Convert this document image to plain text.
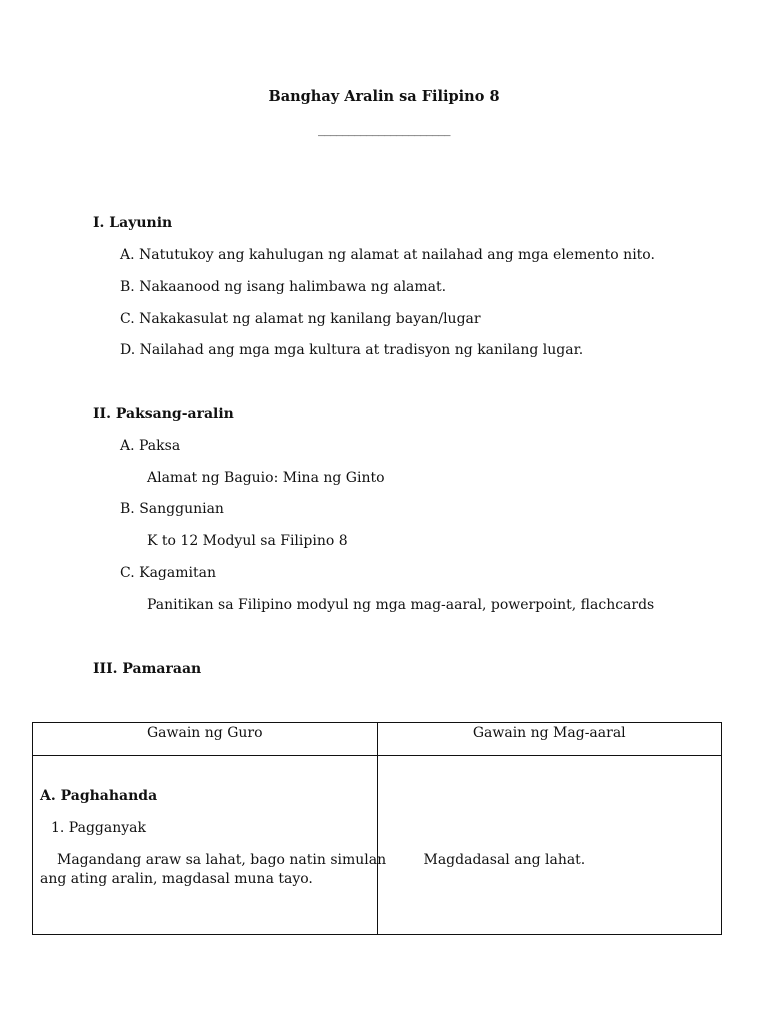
Banghay Aralin sa Filipino 8
______________________
I. Layunin
A. Natutukoy ang kahulugan ng alamat at nailahad ang mga elemento nito.
B. Nakaanood ng isang halimbawa ng alamat.
C. Nakakasulat ng alamat ng kanilang bayan/lugar
D. Nailahad ang mga mga kultura at tradisyon ng kanilang lugar.
II. Paksang-aralin
A. Paksa
Alamat ng Baguio: Mina ng Ginto
B. Sanggunian
K to 12 Modyul sa Filipino 8
C. Kagamitan
Panitikan sa Filipino modyul ng mga mag-aaral, powerpoint, flachcards
III. Pamaraan
Gawain ng Guro	Gawain ng Mag-aaral

A. Paghahanda
1. Pagganyak
Magandang araw sa lahat, bago natin simulan
ang ating aralin, magdasal muna tayo.	Magdadasal ang lahat.
